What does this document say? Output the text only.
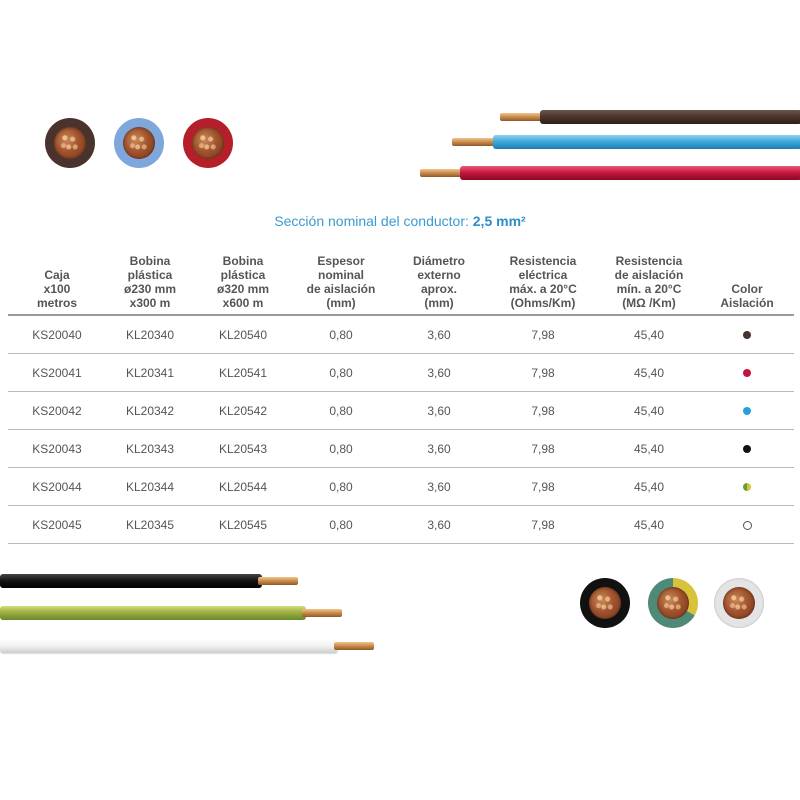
Sección nominal del conductor: 2,5 mm²
Caja
x100
metros	Bobina
plástica
ø230 mm
x300 m	Bobina
plástica
ø320 mm
x600 m	Espesor
nominal
de aislación
(mm)	Diámetro
externo
aprox.
(mm)	Resistencia
eléctrica
máx. a 20°C
(Ohms/Km)	Resistencia
de aislación
mín. a 20°C
(MΩ /Km)	Color
Aislación
KS20040	KL20340	KL20540	0,80	3,60	7,98	45,40	
KS20041	KL20341	KL20541	0,80	3,60	7,98	45,40	
KS20042	KL20342	KL20542	0,80	3,60	7,98	45,40	
KS20043	KL20343	KL20543	0,80	3,60	7,98	45,40	
KS20044	KL20344	KL20544	0,80	3,60	7,98	45,40	
KS20045	KL20345	KL20545	0,80	3,60	7,98	45,40	
